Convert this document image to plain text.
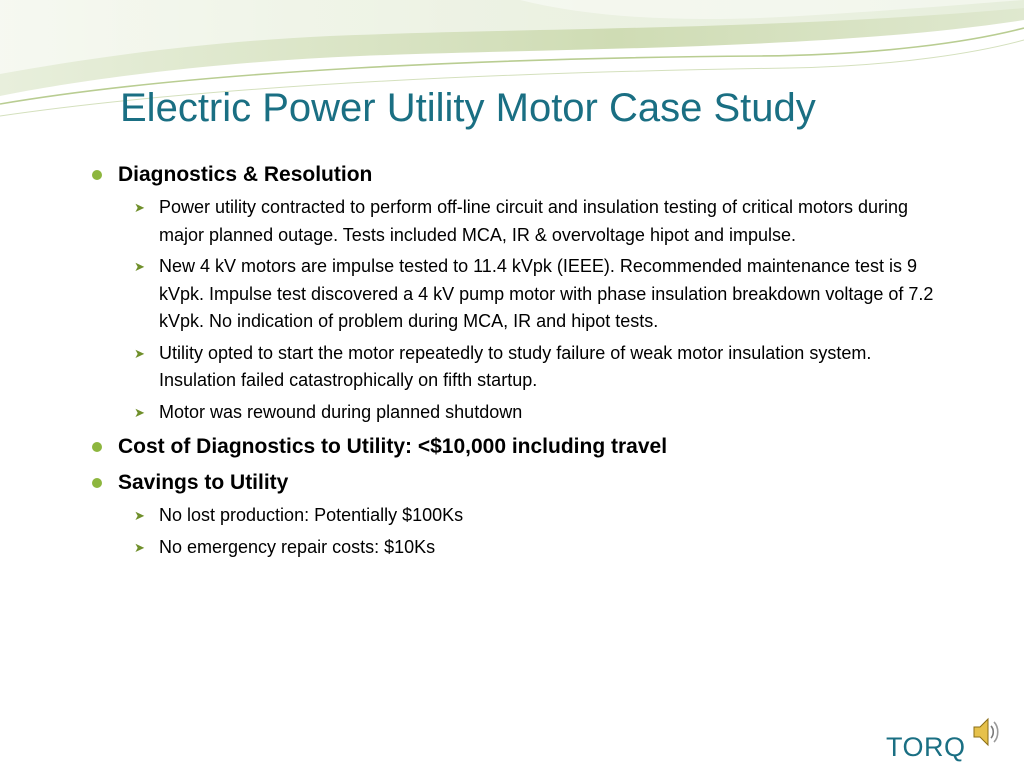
Electric Power Utility Motor Case Study
Diagnostics & Resolution
➤ Power utility contracted to perform off-line circuit and insulation testing of critical motors during major planned outage. Tests included MCA, IR & overvoltage hipot and impulse.
➤ New 4 kV motors are impulse tested to 11.4 kVpk (IEEE). Recommended maintenance test is 9 kVpk. Impulse test discovered a 4 kV pump motor with phase insulation breakdown voltage of 7.2 kVpk. No indication of problem during MCA, IR and hipot tests.
➤ Utility opted to start the motor repeatedly to study failure of weak motor insulation system. Insulation failed catastrophically on fifth startup.
➤ Motor was rewound during planned shutdown
Cost of Diagnostics to Utility: <$10,000 including travel
Savings to Utility
➤ No lost production: Potentially $100Ks
➤ No emergency repair costs: $10Ks
TORQ
